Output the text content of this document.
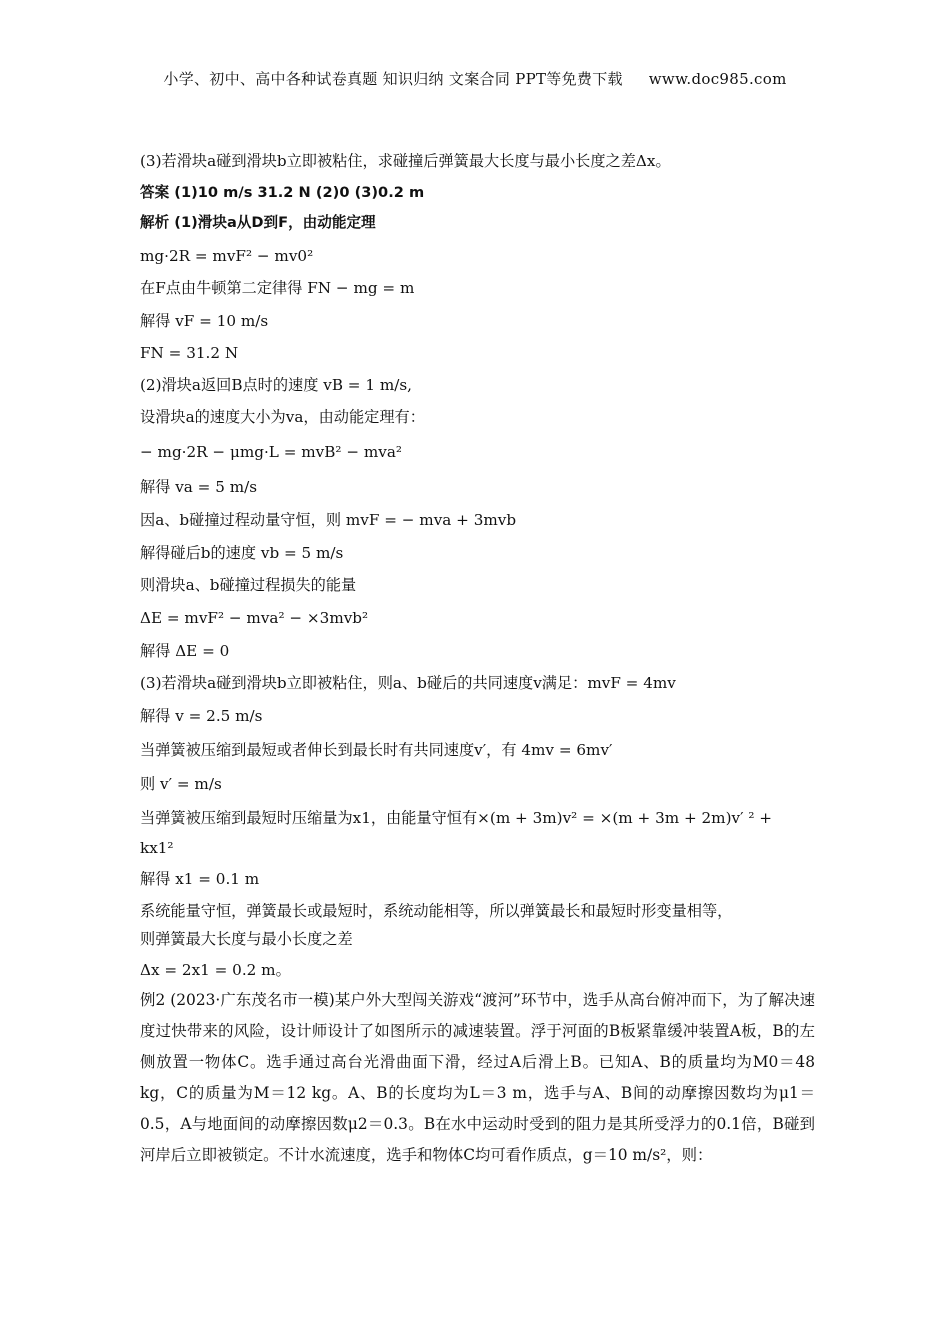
小学、初中、高中各种试卷真题 知识归纳 文案合同 PPT等免费下载 www.doc985.com
(3)若滑块a碰到滑块b立即被粘住，求碰撞后弹簧最大长度与最小长度之差Δx。
答案 (1)10 m/s 31.2 N (2)0 (3)0.2 m
解析 (1)滑块a从D到F，由动能定理
mg·2R = mvF² − mv0²
在F点由牛顿第二定律得 FN − mg = m
解得 vF = 10 m/s
FN = 31.2 N
(2)滑块a返回B点时的速度 vB = 1 m/s,
设滑块a的速度大小为va，由动能定理有：
− mg·2R − μmg·L = mvB² − mva²
解得 va = 5 m/s
因a、b碰撞过程动量守恒，则 mvF = − mva + 3mvb
解得碰后b的速度 vb = 5 m/s
则滑块a、b碰撞过程损失的能量
ΔE = mvF² − mva² − ×3mvb²
解得 ΔE = 0
(3)若滑块a碰到滑块b立即被粘住，则a、b碰后的共同速度v满足：mvF = 4mv
解得 v = 2.5 m/s
当弹簧被压缩到最短或者伸长到最长时有共同速度v′，有 4mv = 6mv′
则 v′ = m/s
当弹簧被压缩到最短时压缩量为x1，由能量守恒有×(m + 3m)v² = ×(m + 3m + 2m)v′ ² +
kx1²
解得 x1 = 0.1 m
系统能量守恒，弹簧最长或最短时，系统动能相等，所以弹簧最长和最短时形变量相等，
则弹簧最大长度与最小长度之差
Δx = 2x1 = 0.2 m。
例2 (2023·广东茂名市一模)某户外大型闯关游戏“渡河”环节中，选手从高台俯冲而下，为了解决速度过快带来的风险，设计师设计了如图所示的减速装置。浮于河面的B板紧靠缓冲装置A板，B的左侧放置一物体C。选手通过高台光滑曲面下滑，经过A后滑上B。已知A、B的质量均为M0＝48 kg，C的质量为M＝12 kg。A、B的长度均为L＝3 m，选手与A、B间的动摩擦因数均为μ1＝0.5，A与地面间的动摩擦因数μ2＝0.3。B在水中运动时受到的阻力是其所受浮力的0.1倍，B碰到河岸后立即被锁定。不计水流速度，选手和物体C均可看作质点，g＝10 m/s²，则：
